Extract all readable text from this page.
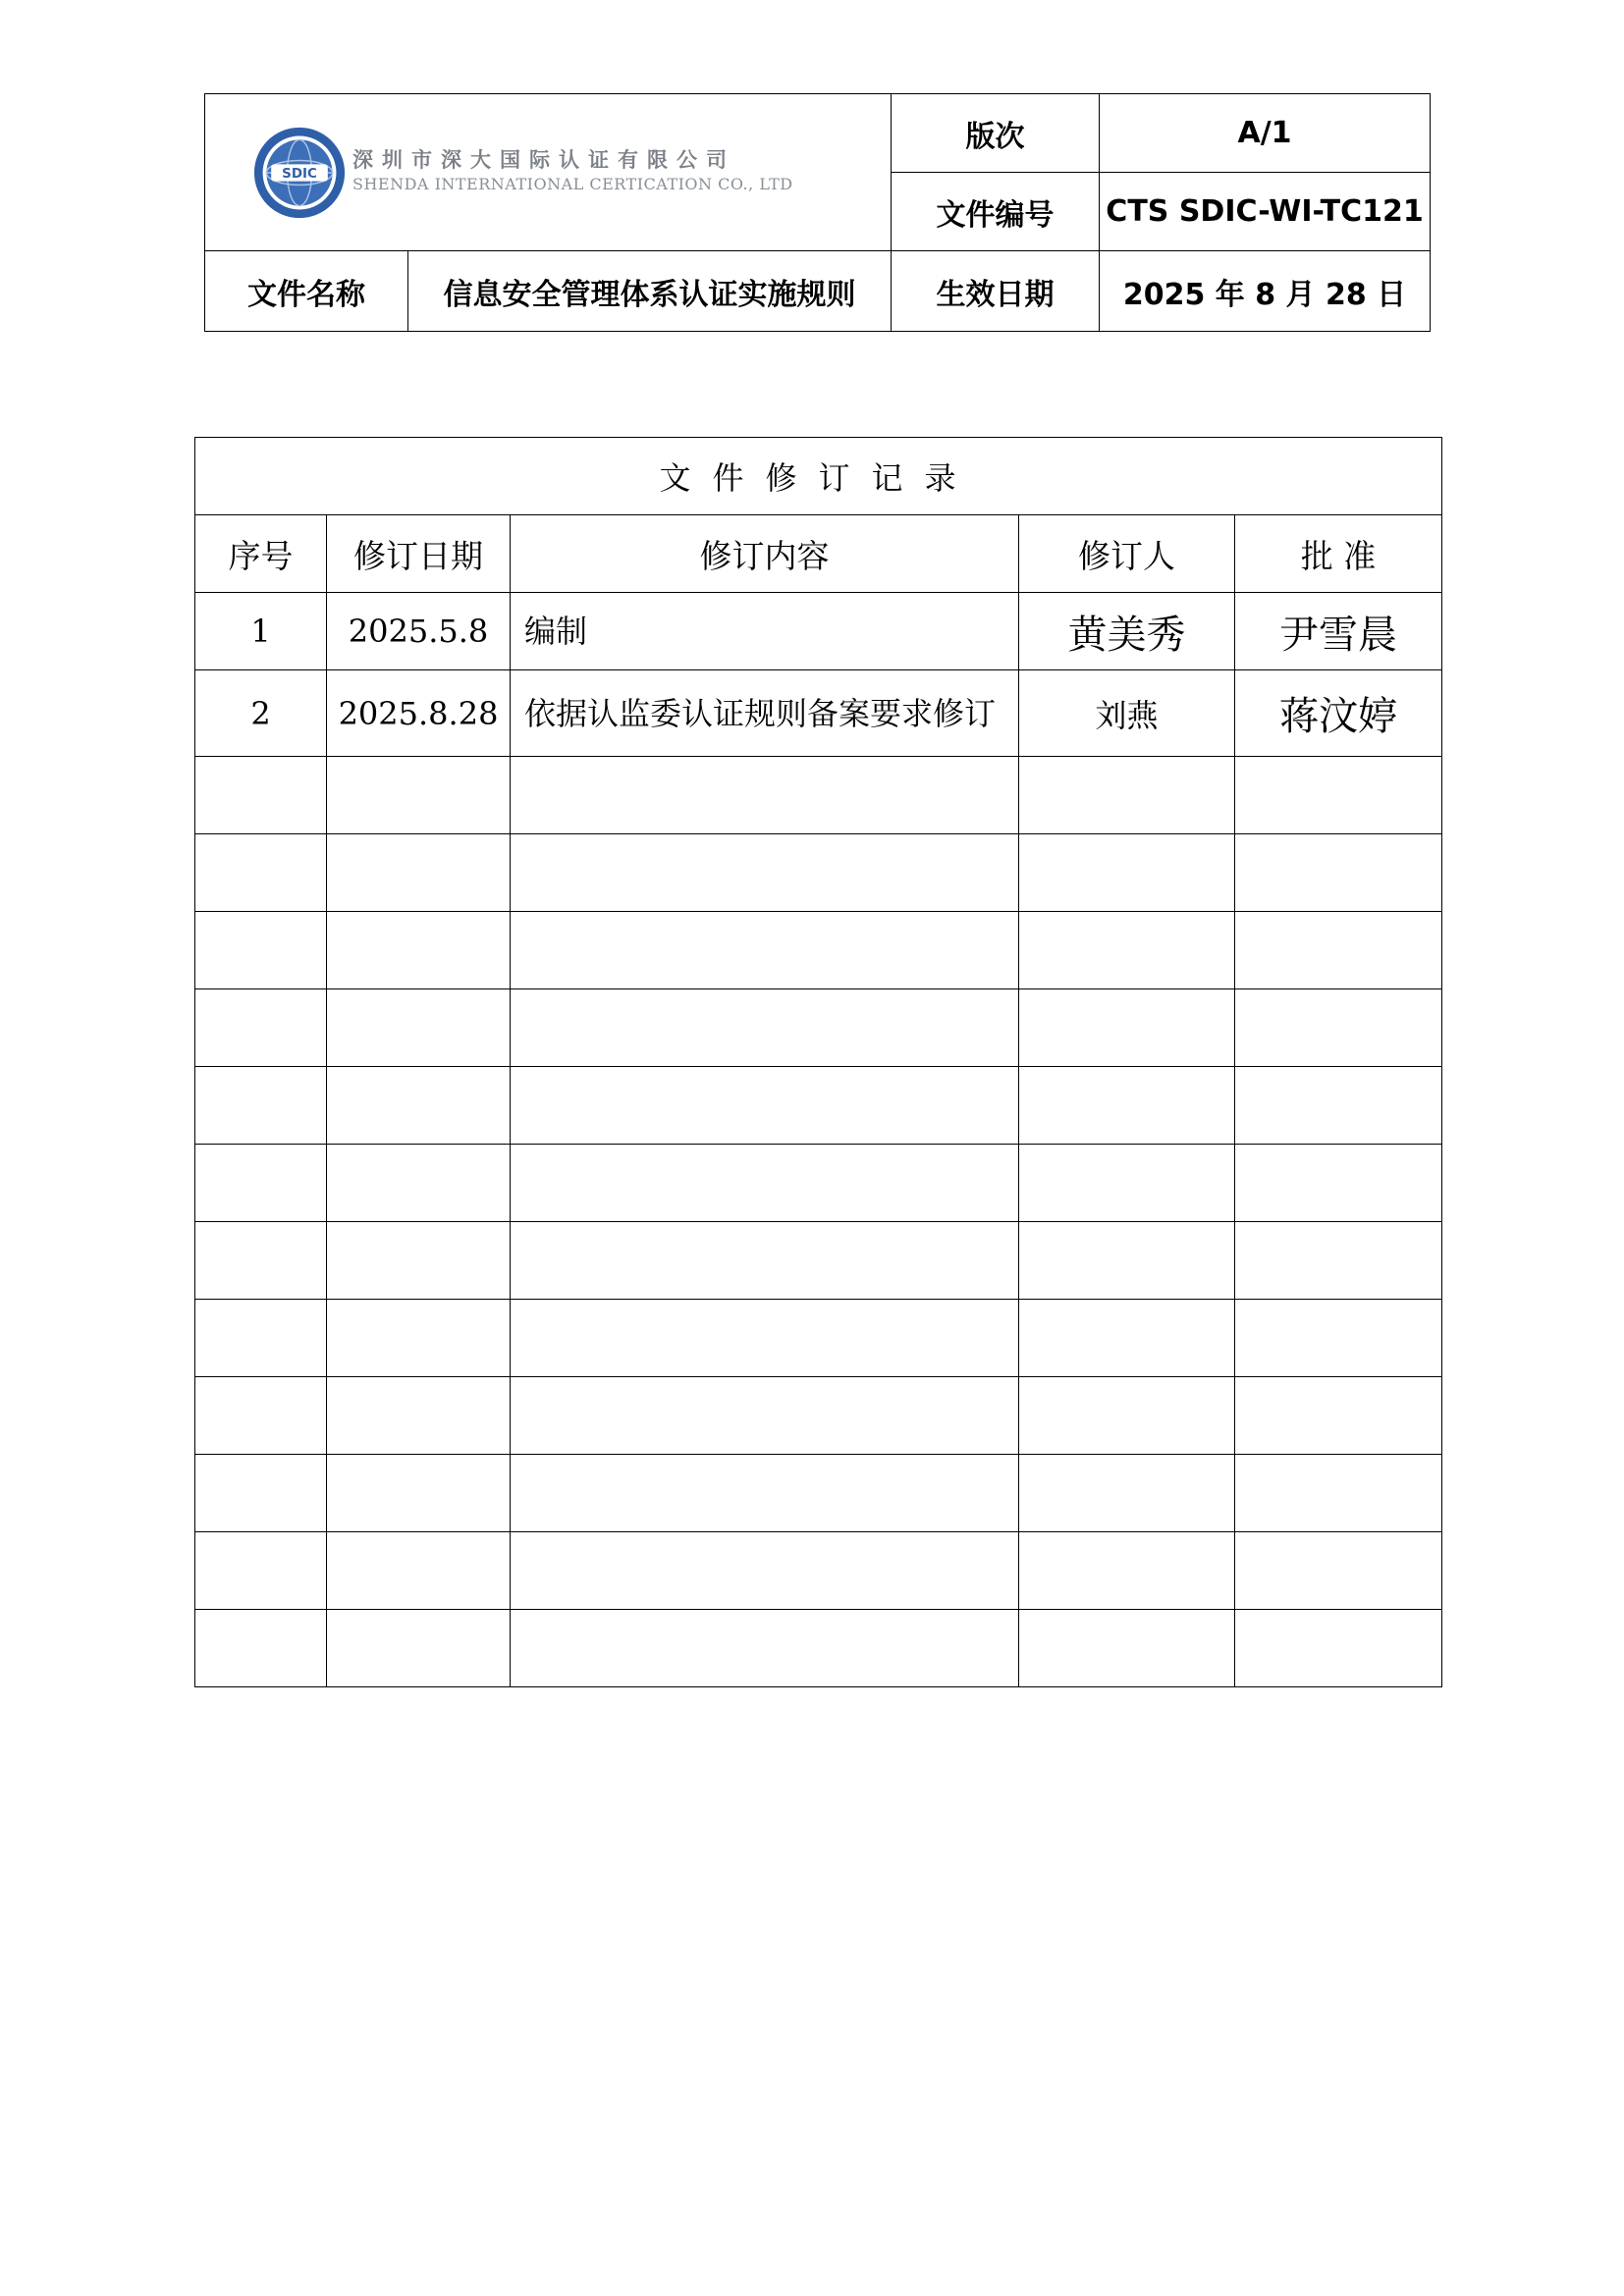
SDIC
深圳市深大国际认证有限公司
SHENDA INTERNATIONAL CERTICATION CO., LTD		版次	A/1
		文件编号	CTS SDIC-WI-TC121
文件名称	信息安全管理体系认证实施规则	生效日期	2025 年 8 月 28 日
文件修订记录				
序号	修订日期	修订内容	修订人	批 准
1	2025.5.8	编制	黄美秀	尹雪晨
2	2025.8.28	依据认监委认证规则备案要求修订	刘燕	蒋汶婷
